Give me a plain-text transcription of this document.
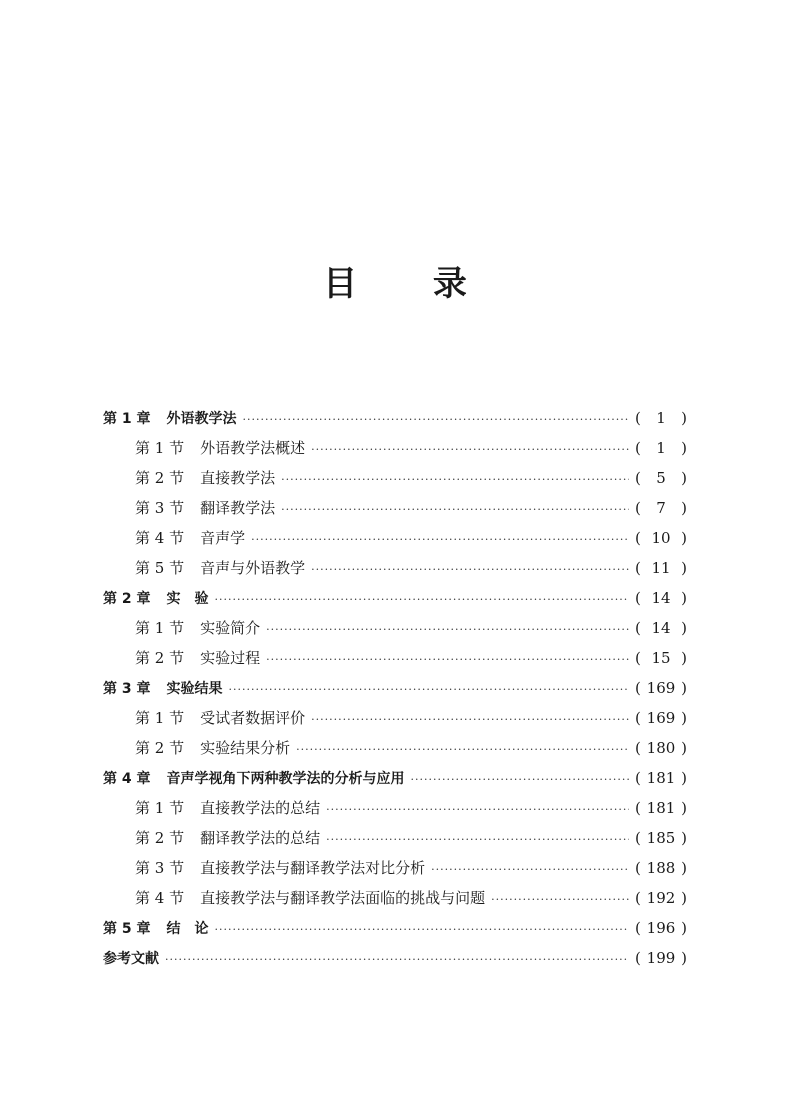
目 录
第 1 章 外语教学法 ·····	(	1	)
第 1 节 外语教学法概述 ·····	(	1	)
第 2 节 直接教学法 ·····	(	5	)
第 3 节 翻译教学法 ·····	(	7	)
第 4 节 音声学 ·····	( 10 )
第 5 节 音声与外语教学 ·····	( 11 )
第 2 章 实　验 ·····	( 14 )
第 1 节 实验简介 ·····	( 14 )
第 2 节 实验过程 ·····	( 15 )
第 3 章 实验结果 ·····	( 169 )
第 1 节 受试者数据评价 ·····	( 169 )
第 2 节 实验结果分析 ·····	( 180 )
第 4 章 音声学视角下两种教学法的分析与应用 ·····	( 181 )
第 1 节 直接教学法的总结 ·····	( 181 )
第 2 节 翻译教学法的总结 ·····	( 185 )
第 3 节 直接教学法与翻译教学法对比分析 ·····	( 188 )
第 4 节 直接教学法与翻译教学法面临的挑战与问题 ·····	( 192 )
第 5 章 结　论 ·····	( 196 )
参考文献 ·····	( 199 )
